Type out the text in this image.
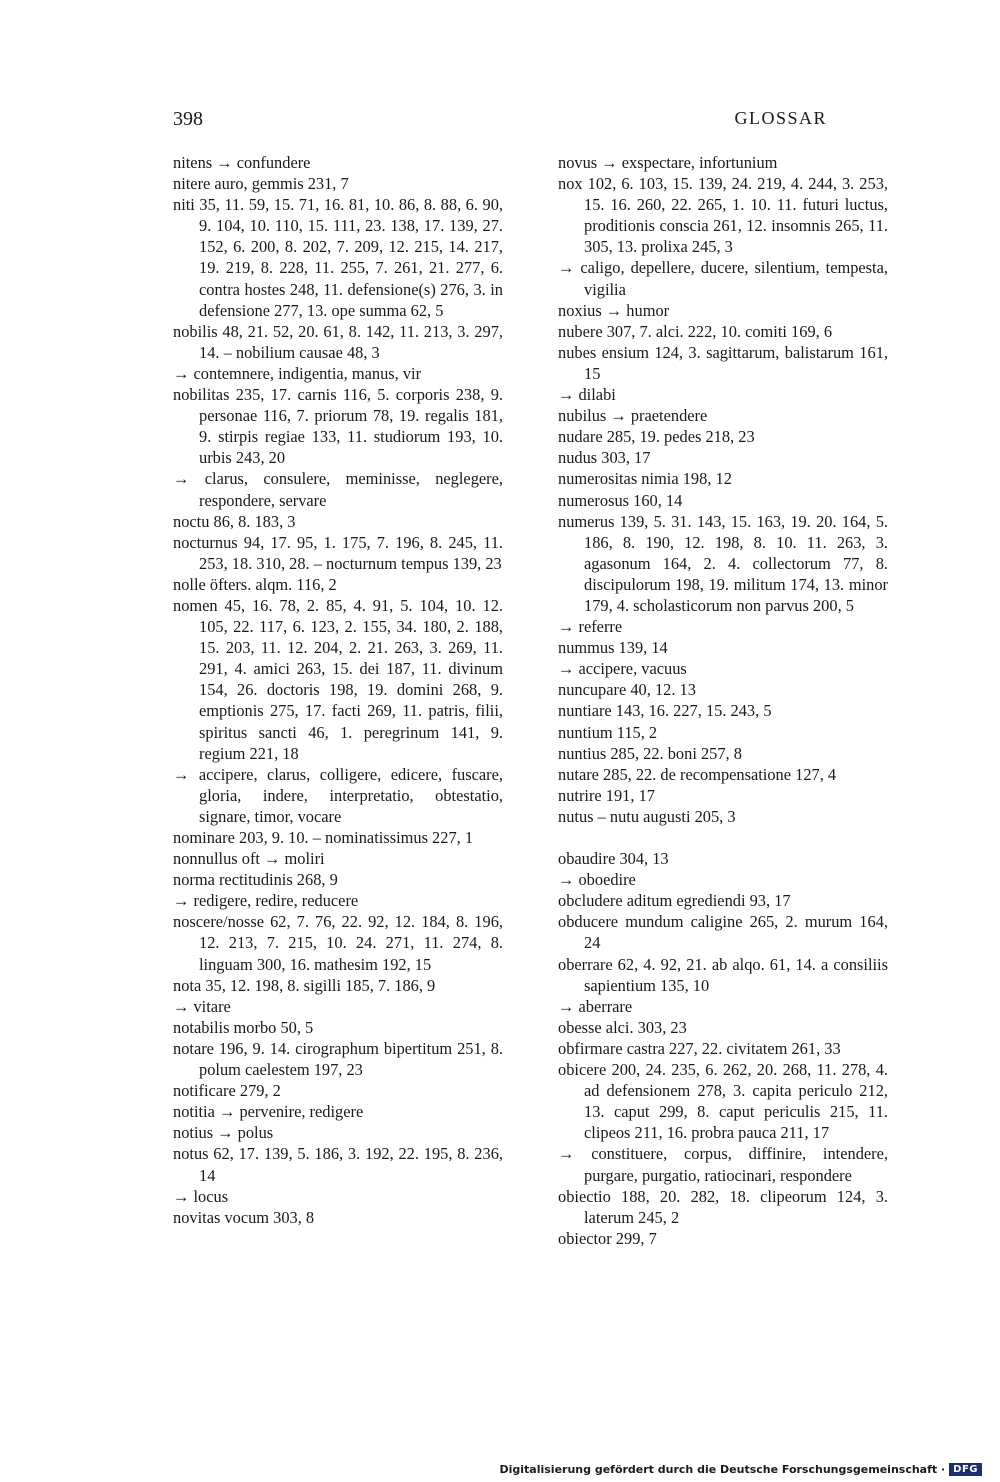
398	GLOSSAR

nitens → confundere

nitere auro, gemmis 231, 7

niti 35, 11. 59, 15. 71, 16. 81, 10. 86, 8. 88, 6. 90, 9. 104, 10. 110, 15. 111, 23. 138, 17. 139, 27. 152, 6. 200, 8. 202, 7. 209, 12. 215, 14. 217, 19. 219, 8. 228, 11. 255, 7. 261, 21. 277, 6. contra hostes 248, 11. defensione(s) 276, 3. in defensione 277, 13. ope summa 62, 5

nobilis 48, 21. 52, 20. 61, 8. 142, 11. 213, 3. 297, 14. – nobilium causae 48, 3
→ contemnere, indigentia, manus, vir

nobilitas 235, 17. carnis 116, 5. corporis 238, 9. personae 116, 7. priorum 78, 19. regalis 181, 9. stirpis regiae 133, 11. studiorum 193, 10. urbis 243, 20
→ clarus, consulere, meminisse, neglegere, respondere, servare

noctu 86, 8. 183, 3

nocturnus 94, 17. 95, 1. 175, 7. 196, 8. 245, 11. 253, 18. 310, 28. – nocturnum tempus 139, 23

nolle öfters. alqm. 116, 2

nomen 45, 16. 78, 2. 85, 4. 91, 5. 104, 10. 12. 105, 22. 117, 6. 123, 2. 155, 34. 180, 2. 188, 15. 203, 11. 12. 204, 2. 21. 263, 3. 269, 11. 291, 4. amici 263, 15. dei 187, 11. divinum 154, 26. doctoris 198, 19. domini 268, 9. emptionis 275, 17. facti 269, 11. patris, filii, spiritus sancti 46, 1. peregrinum 141, 9. regium 221, 18
→ accipere, clarus, colligere, edicere, fuscare, gloria, indere, interpretatio, obtestatio, signare, timor, vocare

nominare 203, 9. 10. – nominatissimus 227, 1

nonnullus oft → moliri

norma rectitudinis 268, 9
→ redigere, redire, reducere

noscere/nosse 62, 7. 76, 22. 92, 12. 184, 8. 196, 12. 213, 7. 215, 10. 24. 271, 11. 274, 8. linguam 300, 16. mathesim 192, 15

nota 35, 12. 198, 8. sigilli 185, 7. 186, 9
→ vitare

notabilis morbo 50, 5

notare 196, 9. 14. cirographum bipertitum 251, 8. polum caelestem 197, 23

notificare 279, 2

notitia → pervenire, redigere

notius → polus

notus 62, 17. 139, 5. 186, 3. 192, 22. 195, 8. 236, 14
→ locus

novitas vocum 303, 8

novus → exspectare, infortunium

nox 102, 6. 103, 15. 139, 24. 219, 4. 244, 3. 253, 15. 16. 260, 22. 265, 1. 10. 11. futuri luctus, proditionis conscia 261, 12. insomnis 265, 11. 305, 13. prolixa 245, 3
→ caligo, depellere, ducere, silentium, tempesta, vigilia

noxius → humor

nubere 307, 7. alci. 222, 10. comiti 169, 6

nubes ensium 124, 3. sagittarum, balistarum 161, 15
→ dilabi

nubilus → praetendere

nudare 285, 19. pedes 218, 23

nudus 303, 17

numerositas nimia 198, 12

numerosus 160, 14

numerus 139, 5. 31. 143, 15. 163, 19. 20. 164, 5. 186, 8. 190, 12. 198, 8. 10. 11. 263, 3. agasonum 164, 2. 4. collectorum 77, 8. discipulorum 198, 19. militum 174, 13. minor 179, 4. scholasticorum non parvus 200, 5
→ referre

nummus 139, 14
→ accipere, vacuus

nuncupare 40, 12. 13

nuntiare 143, 16. 227, 15. 243, 5

nuntium 115, 2

nuntius 285, 22. boni 257, 8

nutare 285, 22. de recompensatione 127, 4

nutrire 191, 17

nutus – nutu augusti 205, 3

obaudire 304, 13
→ oboedire

obcludere aditum egrediendi 93, 17

obducere mundum caligine 265, 2. murum 164, 24

oberrare 62, 4. 92, 21. ab alqo. 61, 14. a consiliis sapientium 135, 10
→ aberrare

obesse alci. 303, 23

obfirmare castra 227, 22. civitatem 261, 33

obicere 200, 24. 235, 6. 262, 20. 268, 11. 278, 4. ad defensionem 278, 3. capita periculo 212, 13. caput 299, 8. caput periculis 215, 11. clipeos 211, 16. probra pauca 211, 17
→ constituere, corpus, diffinire, intendere, purgare, purgatio, ratiocinari, respondere

obiectio 188, 20. 282, 18. clipeorum 124, 3. laterum 245, 2

obiector 299, 7

Digitalisierung gefördert durch die Deutsche Forschungsgemeinschaft · DFG
